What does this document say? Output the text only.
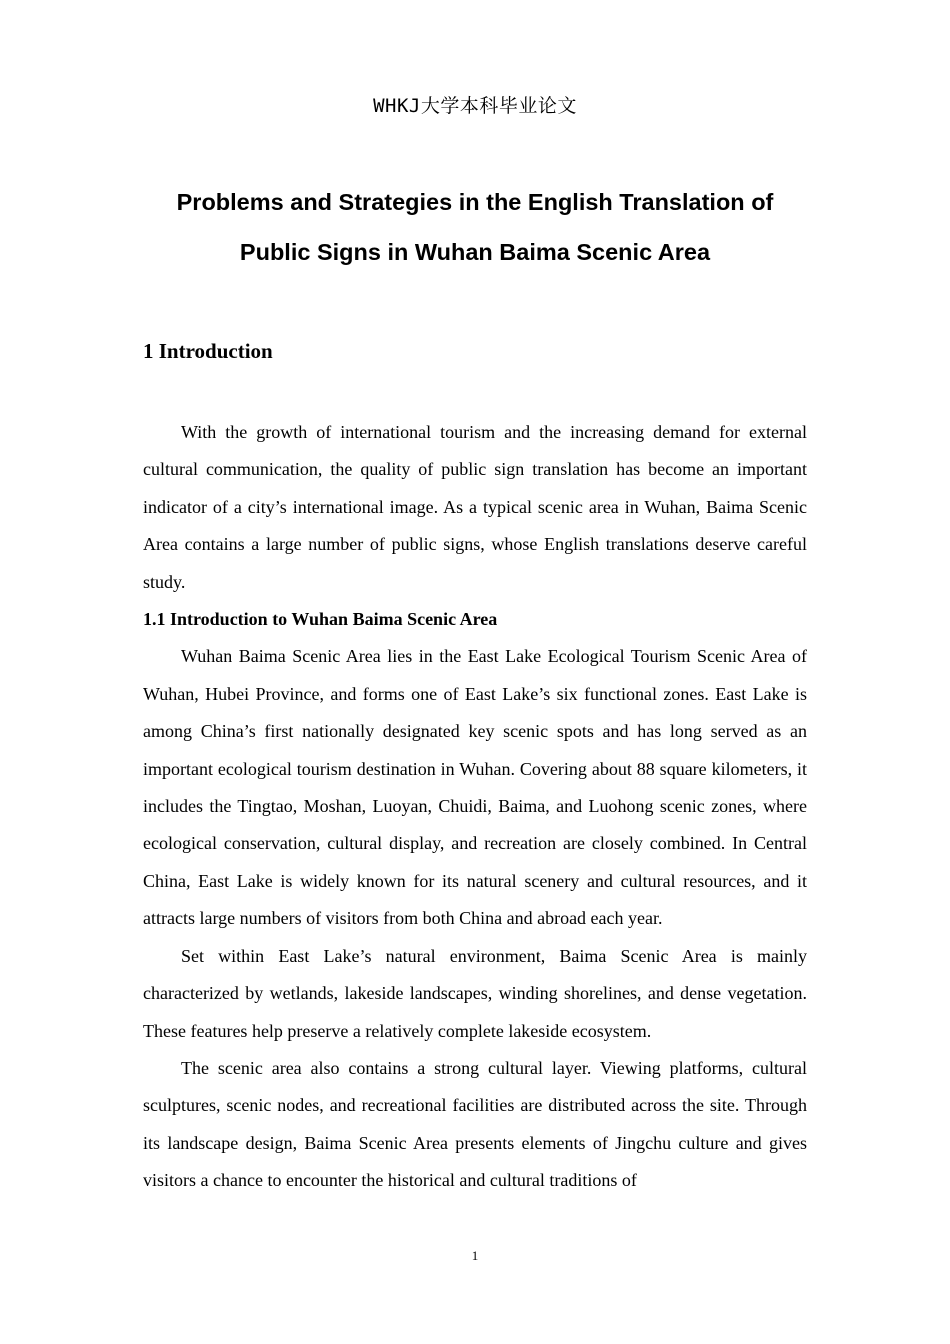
WHKJ大学本科毕业论文
Problems and Strategies in the English Translation of
Public Signs in Wuhan Baima Scenic Area
1 Introduction

With the growth of international tourism and the increasing demand for external cultural communication, the quality of public sign translation has become an important indicator of a city’s international image. As a typical scenic area in Wuhan, Baima Scenic Area contains a large number of public signs, whose English translations deserve careful study.

1.1 Introduction to Wuhan Baima Scenic Area

Wuhan Baima Scenic Area lies in the East Lake Ecological Tourism Scenic Area of Wuhan, Hubei Province, and forms one of East Lake’s six functional zones. East Lake is among China’s first nationally designated key scenic spots and has long served as an important ecological tourism destination in Wuhan. Covering about 88 square kilometers, it includes the Tingtao, Moshan, Luoyan, Chuidi, Baima, and Luohong scenic zones, where ecological conservation, cultural display, and recreation are closely combined. In Central China, East Lake is widely known for its natural scenery and cultural resources, and it attracts large numbers of visitors from both China and abroad each year.

Set within East Lake’s natural environment, Baima Scenic Area is mainly characterized by wetlands, lakeside landscapes, winding shorelines, and dense vegetation. These features help preserve a relatively complete lakeside ecosystem.

The scenic area also contains a strong cultural layer. Viewing platforms, cultural sculptures, scenic nodes, and recreational facilities are distributed across the site. Through its landscape design, Baima Scenic Area presents elements of Jingchu culture and gives visitors a chance to encounter the historical and cultural traditions of

1
